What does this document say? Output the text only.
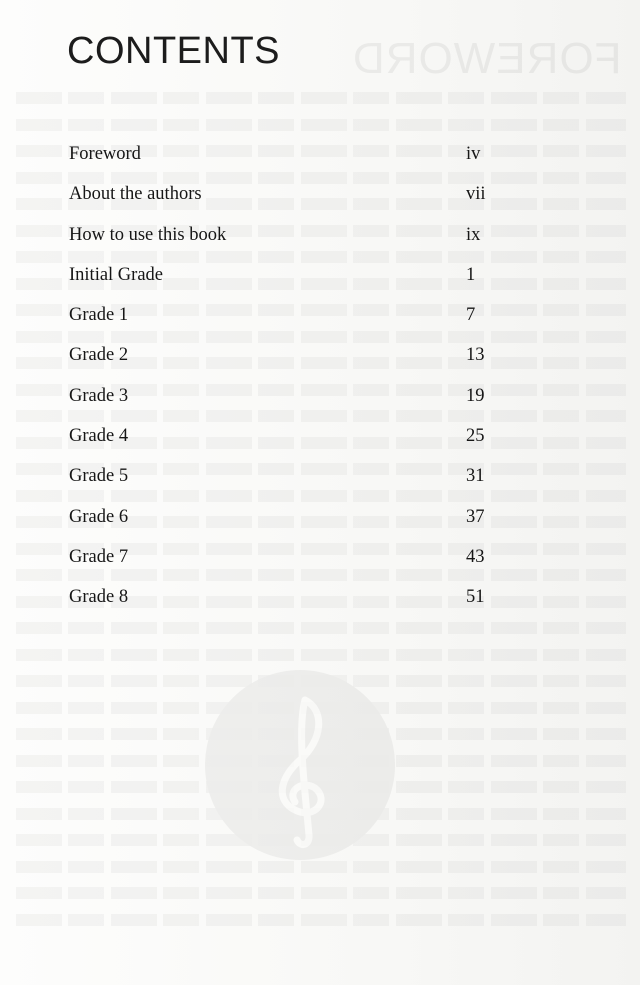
FOREWORD
CONTENTS
Foreword	iv
About the authors	vii
How to use this book	ix
Initial Grade	1
Grade 1	7
Grade 2	13
Grade 3	19
Grade 4	25
Grade 5	31
Grade 6	37
Grade 7	43
Grade 8	51
